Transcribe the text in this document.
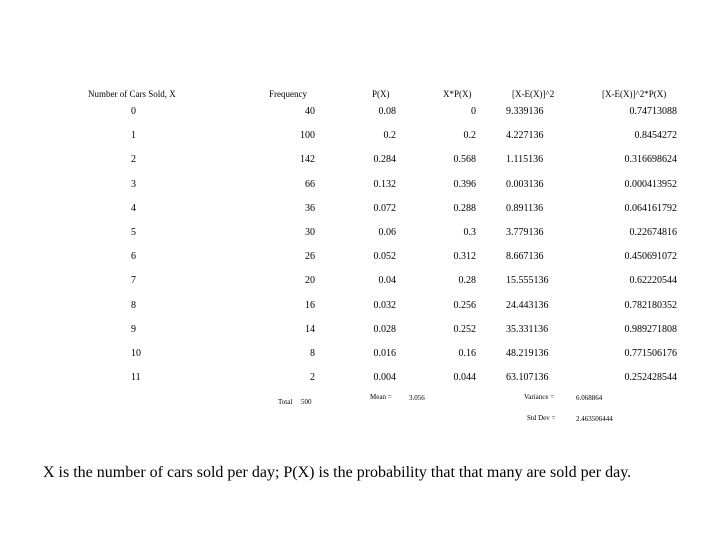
Number of Cars Sold, X	Frequency	P(X)	X*P(X)	[X-E(X)]^2	[X-E(X)]^2*P(X)
0	40	0.08	0	9.339136	0.74713088
1	100	0.2	0.2	4.227136	0.8454272
2	142	0.284	0.568	1.115136	0.316698624
3	66	0.132	0.396	0.003136	0.000413952
4	36	0.072	0.288	0.891136	0.064161792
5	30	0.06	0.3	3.779136	0.22674816
6	26	0.052	0.312	8.667136	0.450691072
7	20	0.04	0.28	15.555136	0.62220544
8	16	0.032	0.256	24.443136	0.782180352
9	14	0.028	0.252	35.331136	0.989271808
10	8	0.016	0.16	48.219136	0.771506176
11	2	0.004	0.044	63.107136	0.252428544
Total 500
Mean = 3.056	Variance =	6.068864
Std Dev =	2.463506444
X is the number of cars sold per day; P(X) is the probability that that many are sold per day.
